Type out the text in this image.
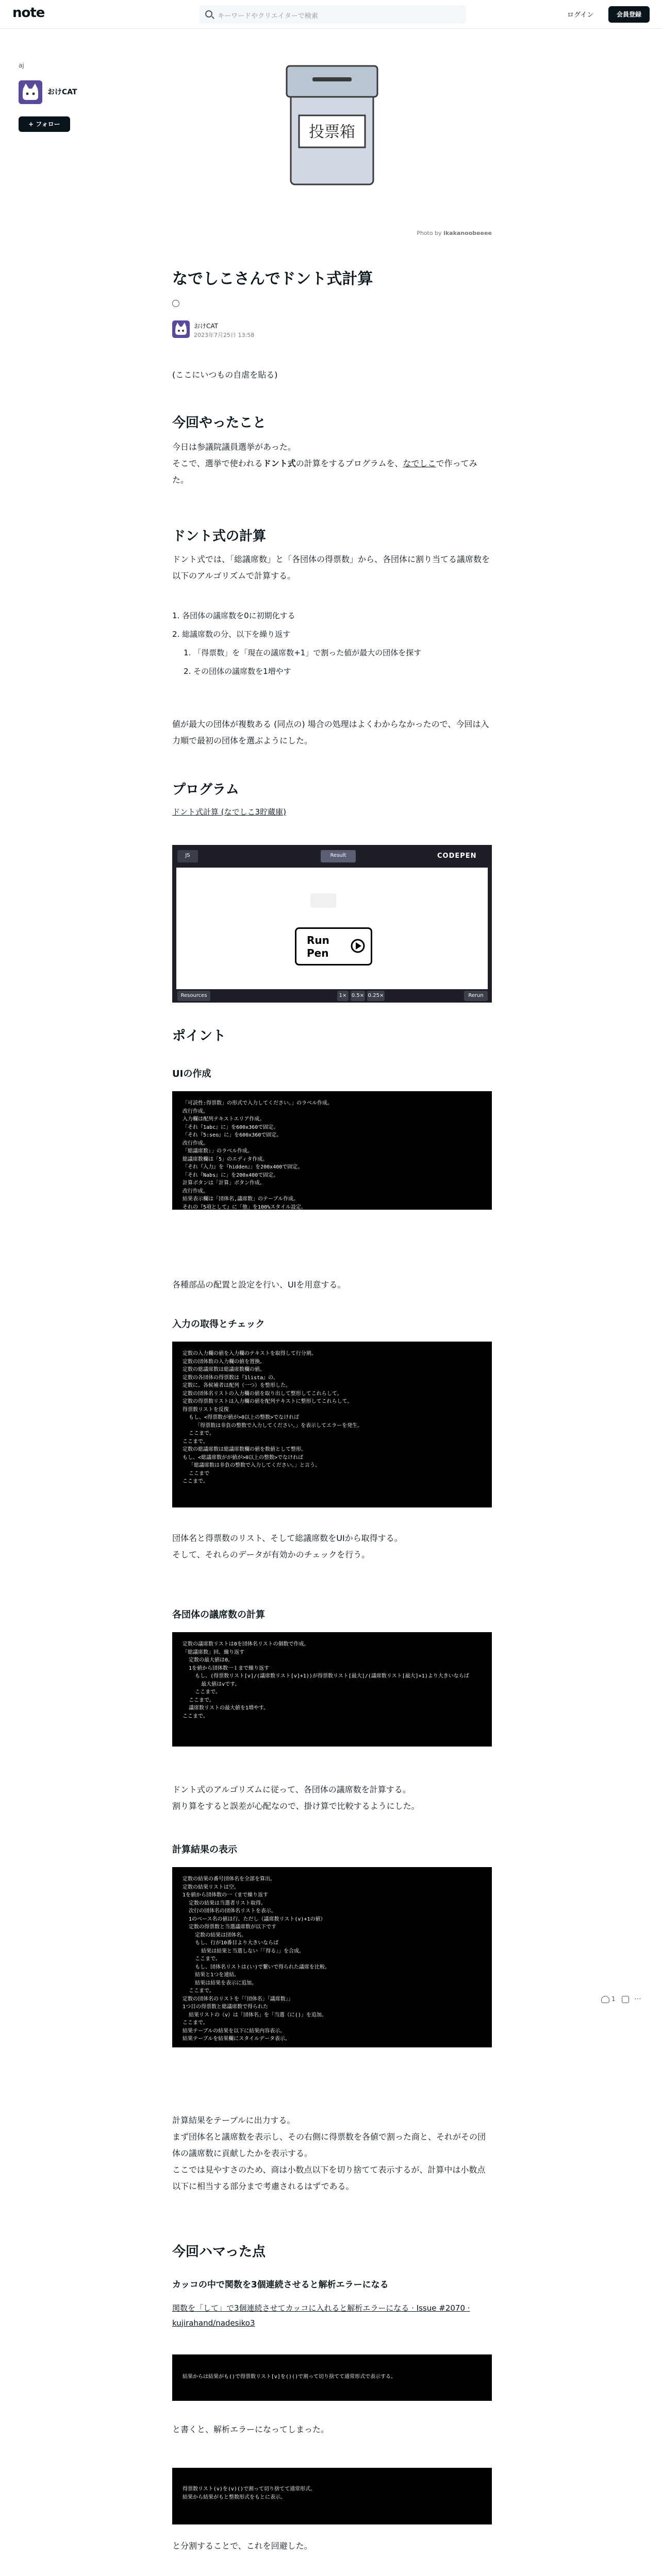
note	キーワードやクリエイターで検索	ログイン	会員登録
aj
おけCAT
+ フォロー	投票箱
Photo by ikakanoobeeee
なでしこさんでドント式計算
おけCAT
2023年7月25日 13:58

(ここにいつもの自虐を貼る)

今回やったこと

今日は参議院議員選挙があった。

そこで、選挙で使われるドント式の計算をするプログラムを、なでしこで作ってみた。

ドント式の計算

ドント式では、「総議席数」と「各団体の得票数」から、各団体に割り当てる議席数を以下のアルゴリズムで計算する。

1. 各団体の議席数を0に初期化する
2. 総議席数の分、以下を繰り返す
1. 「得票数」を「現在の議席数+1」で割った値が最大の団体を探す
2. その団体の議席数を1増やす

値が最大の団体が複数ある (同点の) 場合の処理はよくわからなかったので、今回は入力順で最初の団体を選ぶようにした。

プログラム
ドント式計算 (なでしこ3貯蔵庫)
JS	Result	CODEPEN
Run
Pen
Resources	1× 0.5× 0.25×	Rerun
ポイント
UIの作成
「可読性:得票数」の形式で入力してください。」のラベル作成。
改行作成。
入力欄は配列テキストエリア作成。
「それ『1abc』に」を600x360で固定。
「それ『5:seo』に」を600x360で固定。
改行作成。
「総議席数:」のラベル作成。
総議席数欄は「5」のエディタ作成。
「それ『入力』を『hidden』」を200x400で固定。
「それ『Nabs』に」を200x400で固定。
計算ボタンは「計算」ボタン作成。
改行作成。
結果表示欄は「団体名,議席数」のテーブル作成。
それの『5項として』に「他」を100%スタイル設定。

各種部品の配置と設定を行い、UIを用意する。

入力の取得とチェック
定数の入力欄の値を入力欄のテキストを取得して行分割。
定数の団体数の入力欄の値を置換。
定数の総議席数は総議席数欄の値。
定数の各団体の得票数は『1lista』の、
定数に、各候補者は配列（一つ）を整形した。
定数の団体名リストの入力欄の値を取り出して整形してこれらして。
定数の得票数リストは入力欄の値を配列テキストに整形してこれらして。
得票数リストを反復
もし、<得票数が値が>0以上の整数>でなければ
「得票数は非負の整数で入力してください。」を表示してエラーを発生。
ここまで。
ここまで。
定数の総議席数は総議席数欄の値を数値として整形。
もし、<総議席数がが値が>0以上の整数>でなければ
「総議席数は非負の整数で入力してください。」と言う。
ここまで
ここまで。

団体名と得票数のリスト、そして総議席数をUIから取得する。

そして、それらのデータが有効かのチェックを行う。

各団体の議席数の計算
定数の議席数リストは0を団体名リストの個数で作成。
「総議席数」回、繰り返す
定数の最大値は0。
1を値から団体数一１まで繰り返す
もし、(得票数リスト[v]/(議席数リスト[v]+1))が得票数リスト[最大]/(議席数リスト[最大]+1)より大きいならば
最大値はvです。
ここまで。
ここまで。
議席数リストの最大値を1増やす。
ここまで。

ドント式のアルゴリズムに従って、各団体の議席数を計算する。

割り算をすると誤差が心配なので、掛け算で比較するようにした。

計算結果の表示
定数の結果の番号団体名を全部を算出。
定数の結果リストは空。
1を値から団体数の一（まで繰り返す
定数の結果は当選者リスト取得。
次行の団体名の団体名リストを表示。
1のベース名の値は行、ただし（議席数リスト(v)+1の値）
定数の得票数と当選議席数が以下です
定数の結果は団体名。
もし、行が10番目より大きいならば
結果は結果と当選しない「「得る」」を合成。
ここまで。
もし、団体名リストは(い)で繋いで得られた議席を比較。
結果と1つを連結。
結果は結果を表示に追加。
ここまで。
定数の団体名のリストを「「団体名」「議席数」」
1つ目の得票数と総議席数で得られた
結果リストの（v）は「団体名」を「当選（に()」を追加。
ここまで。
結果テーブルの結果を以下に結果内容表示。
結果テーブルを結果欄にスタイルデータ表示。

計算結果をテーブルに出力する。

まず団体名と議席数を表示し、その右側に得票数を各値で割った商と、それがその団体の議席数に貢献したかを表示する。

ここでは見やすさのため、商は小数点以下を切り捨てて表示するが、計算中は小数点以下に相当する部分まで考慮されるはずである。

今回ハマった点
カッコの中で関数を3個連続させると解析エラーになる
関数を「して」で3個連続させてカッコに入れると解析エラーになる · Issue #2070 · kujirahand/nadesiko3
結果からは結果がも()で得票数リスト[v]を()()で割って切り捨てて通常形式で表示する。

と書くと、解析エラーになってしまった。

得票数リスト(v)を(v)()で割って切り捨てて通常形式。
結果から結果がもと整数形式をもとに表示。

と分割することで、これを回避した。

1	⋯
